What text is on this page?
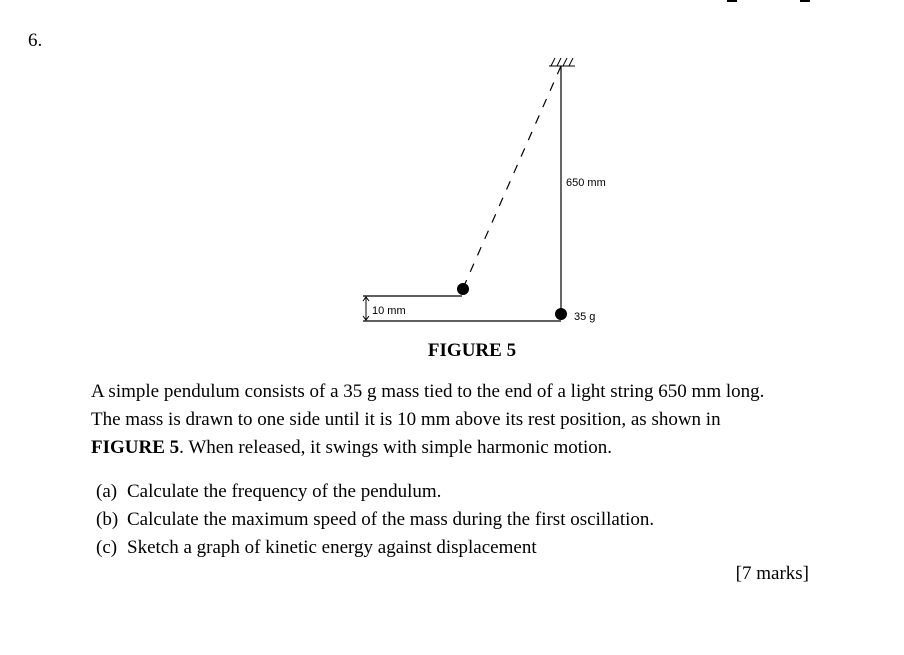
6.
650 mm
10 mm	35 g
FIGURE 5
A simple pendulum consists of a 35 g mass tied to the end of a light string 650 mm long.
The mass is drawn to one side until it is 10 mm above its rest position, as shown in
FIGURE 5. When released, it swings with simple harmonic motion.
(a) Calculate the frequency of the pendulum.
(b) Calculate the maximum speed of the mass during the first oscillation.
(c) Sketch a graph of kinetic energy against displacement
[7 marks]
